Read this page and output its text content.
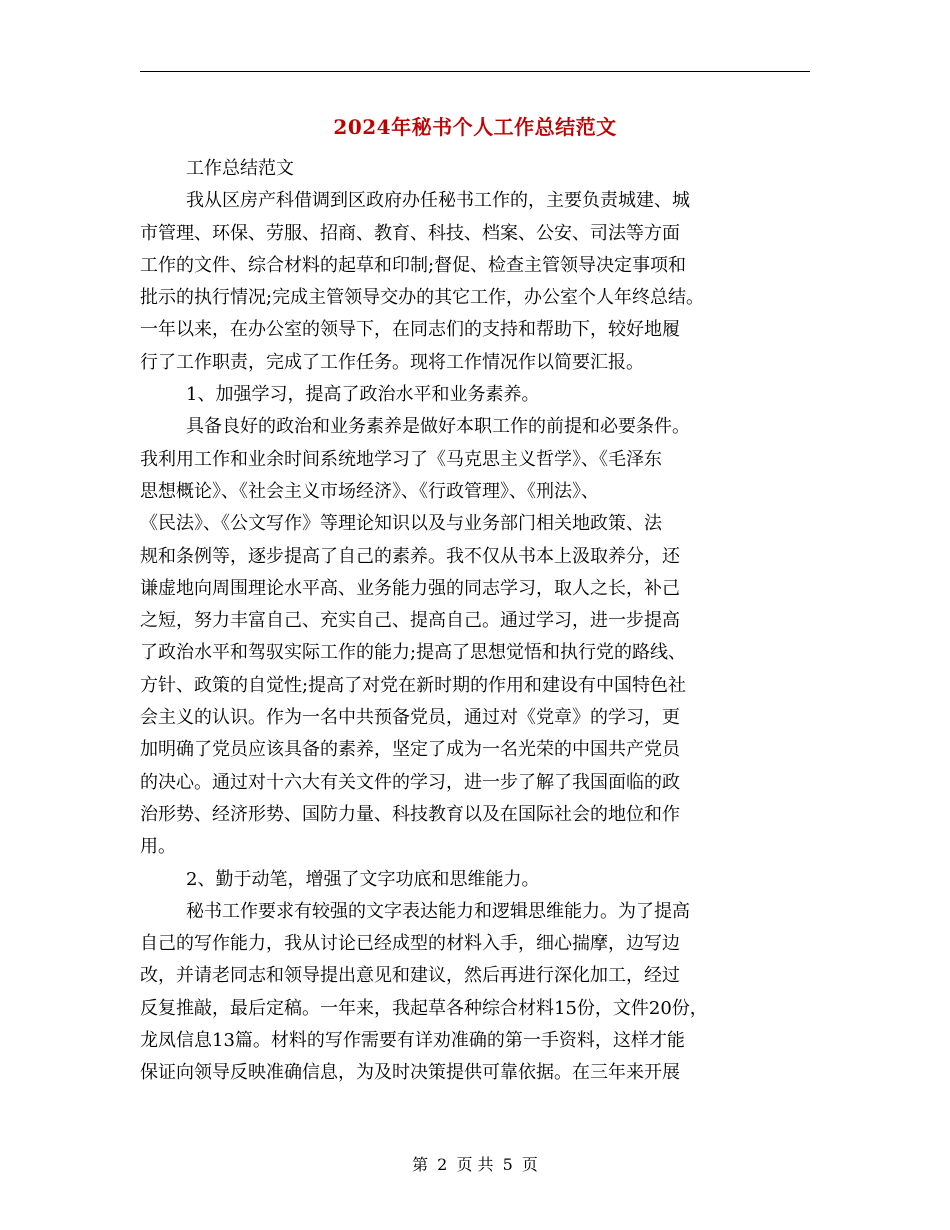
2024年秘书个人工作总结范文
工作总结范文
我从区房产科借调到区政府办任秘书工作的，主要负责城建、城
市管理、环保、劳服、招商、教育、科技、档案、公安、司法等方面
工作的文件、综合材料的起草和印制;督促、检查主管领导决定事项和
批示的执行情况;完成主管领导交办的其它工作，办公室个人年终总结。
一年以来，在办公室的领导下，在同志们的支持和帮助下，较好地履
行了工作职责，完成了工作任务。现将工作情况作以简要汇报。
1、加强学习，提高了政治水平和业务素养。
具备良好的政治和业务素养是做好本职工作的前提和必要条件。
我利用工作和业余时间系统地学习了《马克思主义哲学》、《毛泽东
思想概论》、《社会主义市场经济》、《行政管理》、《刑法》、
《民法》、《公文写作》等理论知识以及与业务部门相关地政策、法
规和条例等，逐步提高了自己的素养。我不仅从书本上汲取养分，还
谦虚地向周围理论水平高、业务能力强的同志学习，取人之长，补己
之短，努力丰富自己、充实自己、提高自己。通过学习，进一步提高
了政治水平和驾驭实际工作的能力;提高了思想觉悟和执行党的路线、
方针、政策的自觉性;提高了对党在新时期的作用和建设有中国特色社
会主义的认识。作为一名中共预备党员，通过对《党章》的学习，更
加明确了党员应该具备的素养，坚定了成为一名光荣的中国共产党员
的决心。通过对十六大有关文件的学习，进一步了解了我国面临的政
治形势、经济形势、国防力量、科技教育以及在国际社会的地位和作
用。
2、勤于动笔，增强了文字功底和思维能力。
秘书工作要求有较强的文字表达能力和逻辑思维能力。为了提高
自己的写作能力，我从讨论已经成型的材料入手，细心揣摩，边写边
改，并请老同志和领导提出意见和建议，然后再进行深化加工，经过
反复推敲，最后定稿。一年来，我起草各种综合材料15份，文件20份，
龙凤信息13篇。材料的写作需要有详劝准确的第一手资料，这样才能
保证向领导反映准确信息，为及时决策提供可靠依据。在三年来开展
第 2 页 共 5 页
